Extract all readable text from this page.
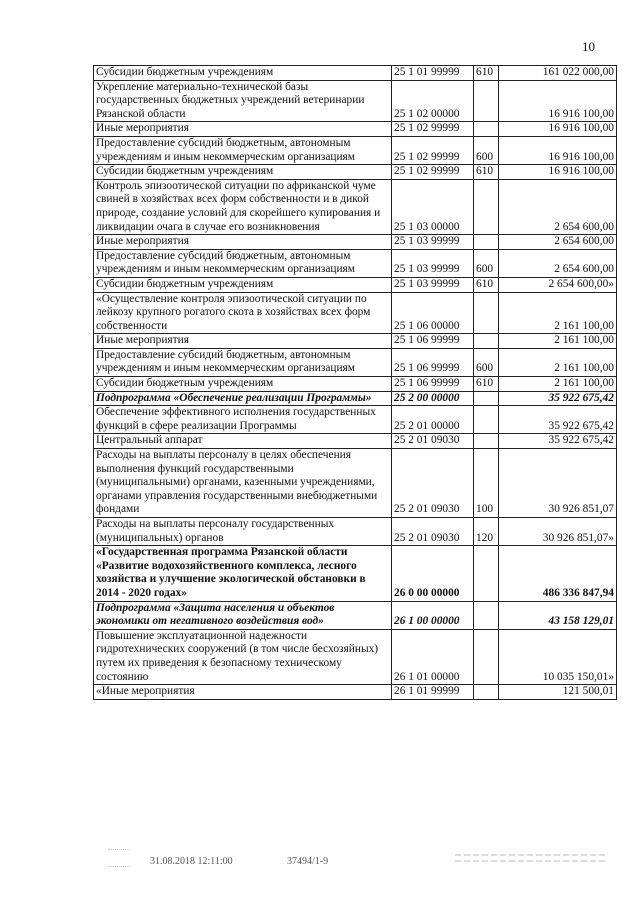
10
Субсидии бюджетным учреждениям	25 1 01 99999	610	161 022 000,00
Укрепление материально-технической базы государственных бюджетных учреждений ветеринарии Рязанской области	25 1 02 00000		16 916 100,00
Иные мероприятия	25 1 02 99999		16 916 100,00
Предоставление субсидий бюджетным, автономным учреждениям и иным некоммерческим организациям	25 1 02 99999	600	16 916 100,00
Субсидии бюджетным учреждениям	25 1 02 99999	610	16 916 100,00
Контроль эпизоотической ситуации по африканской чуме свиней в хозяйствах всех форм собственности и в дикой природе, создание условий для скорейшего купирования и ликвидации очага в случае его возникновения	25 1 03 00000		2 654 600,00
Иные мероприятия	25 1 03 99999		2 654 600,00
Предоставление субсидий бюджетным, автономным учреждениям и иным некоммерческим организациям	25 1 03 99999	600	2 654 600,00
Субсидии бюджетным учреждениям	25 1 03 99999	610	2 654 600,00»
«Осуществление контроля эпизоотической ситуации по лейкозу крупного рогатого скота в хозяйствах всех форм собственности	25 1 06 00000		2 161 100,00
Иные мероприятия	25 1 06 99999		2 161 100,00
Предоставление субсидий бюджетным, автономным учреждениям и иным некоммерческим организациям	25 1 06 99999	600	2 161 100,00
Субсидии бюджетным учреждениям	25 1 06 99999	610	2 161 100,00
Подпрограмма «Обеспечение реализации Программы»	25 2 00 00000		35 922 675,42
Обеспечение эффективного исполнения государственных функций в сфере реализации Программы	25 2 01 00000		35 922 675,42
Центральный аппарат	25 2 01 09030		35 922 675,42
Расходы на выплаты персоналу в целях обеспечения выполнения функций государственными (муниципальными) органами, казенными учреждениями, органами управления государственными внебюджетными фондами	25 2 01 09030	100	30 926 851,07
Расходы на выплаты персоналу государственных (муниципальных) органов	25 2 01 09030	120	30 926 851,07»
«Государственная программа Рязанской области «Развитие водохозяйственного комплекса, лесного хозяйства и улучшение экологической обстановки в 2014 - 2020 годах»	26 0 00 00000		486 336 847,94
Подпрограмма «Защита населения и объектов экономики от негативного воздействия вод»	26 1 00 00000		43 158 129,01
Повышение эксплуатационной надежности гидротехнических сооружений (в том числе бесхозяйных) путем их приведения к безопасному техническому состоянию	26 1 01 00000		10 035 150,01»
«Иные мероприятия	26 1 01 99999		121 500,01
31.08.2018 12:11:00	37494/1-9
